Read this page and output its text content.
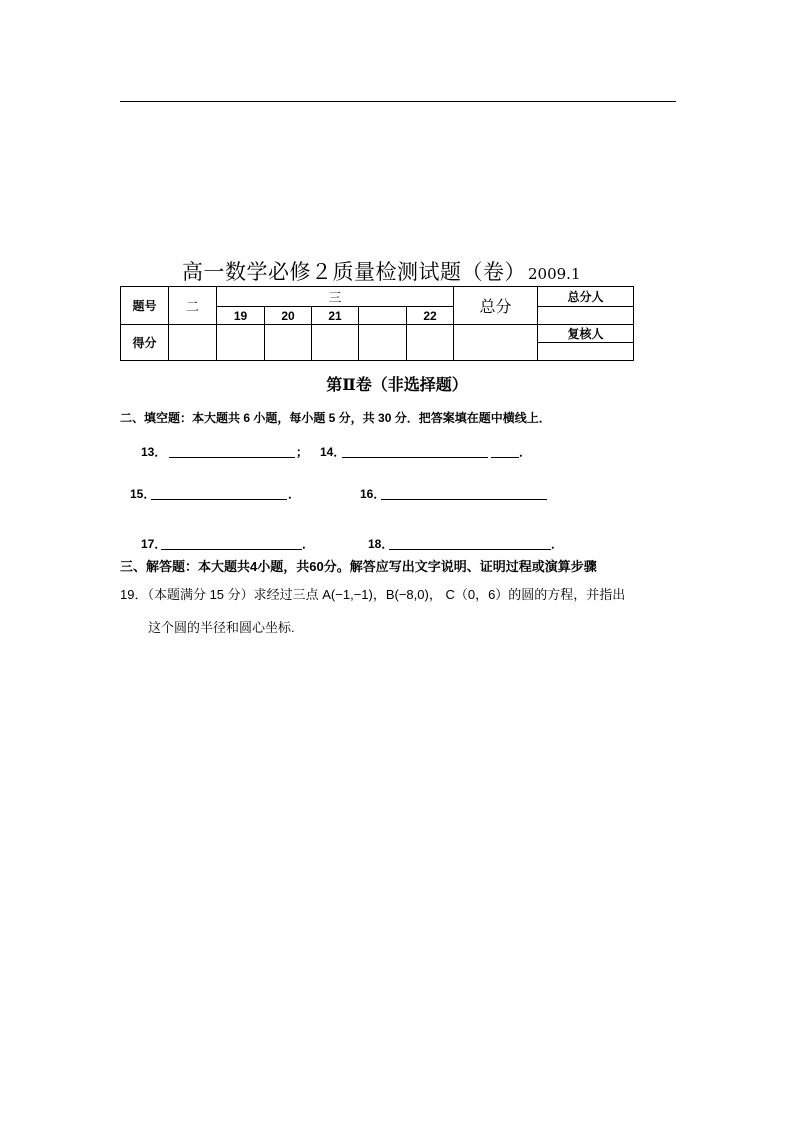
高一数学必修２质量检测试题（卷） 2009.1
题号	二	三					总分	总分人
		19	20	21		22		
得分								复核人

第Ⅱ卷（非选择题）
二、填空题：本大题共 6 小题，每小题 5 分，共 30 分．把答案填在题中横线上．
13．	； 14．	．
15．	．	16．
17．	．	18．	．
三、解答题：本大题共4小题，共60分。解答应写出文字说明、证明过程或演算步骤
19．（本题满分 15 分）求经过三点 A(−1,−1)，B(−8,0)， C（0，6）的圆的方程，并指出
这个圆的半径和圆心坐标.
